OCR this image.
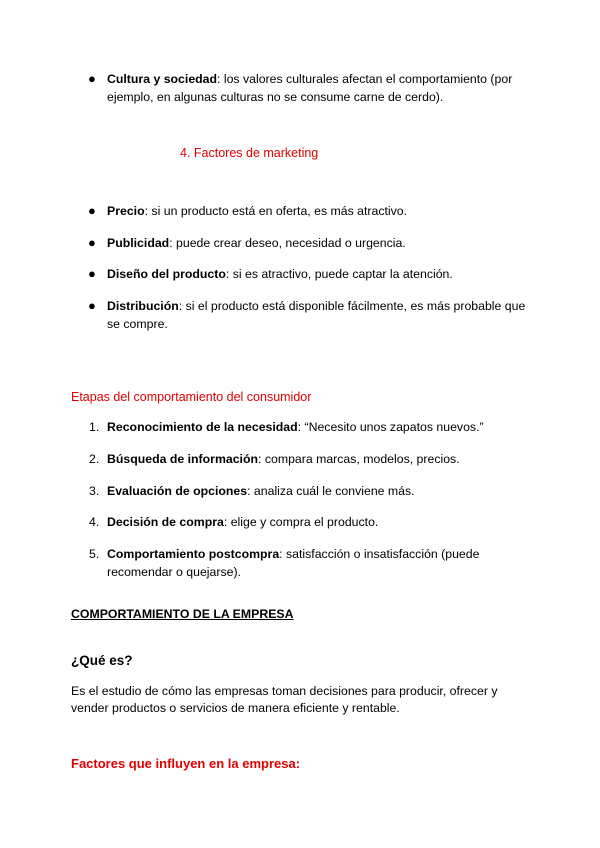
● Cultura y sociedad: los valores culturales afectan el comportamiento (por ejemplo, en algunas culturas no se consume carne de cerdo).
4. Factores de marketing
● Precio: si un producto está en oferta, es más atractivo.
● Publicidad: puede crear deseo, necesidad o urgencia.
● Diseño del producto: si es atractivo, puede captar la atención.
● Distribución: si el producto está disponible fácilmente, es más probable que se compre.
Etapas del comportamiento del consumidor
1. Reconocimiento de la necesidad: “Necesito unos zapatos nuevos.”
2. Búsqueda de información: compara marcas, modelos, precios.
3. Evaluación de opciones: analiza cuál le conviene más.
4. Decisión de compra: elige y compra el producto.
5. Comportamiento postcompra: satisfacción o insatisfacción (puede recomendar o quejarse).
COMPORTAMIENTO DE LA EMPRESA
¿Qué es?
Es el estudio de cómo las empresas toman decisiones para producir, ofrecer y vender productos o servicios de manera eficiente y rentable.
Factores que influyen en la empresa:
